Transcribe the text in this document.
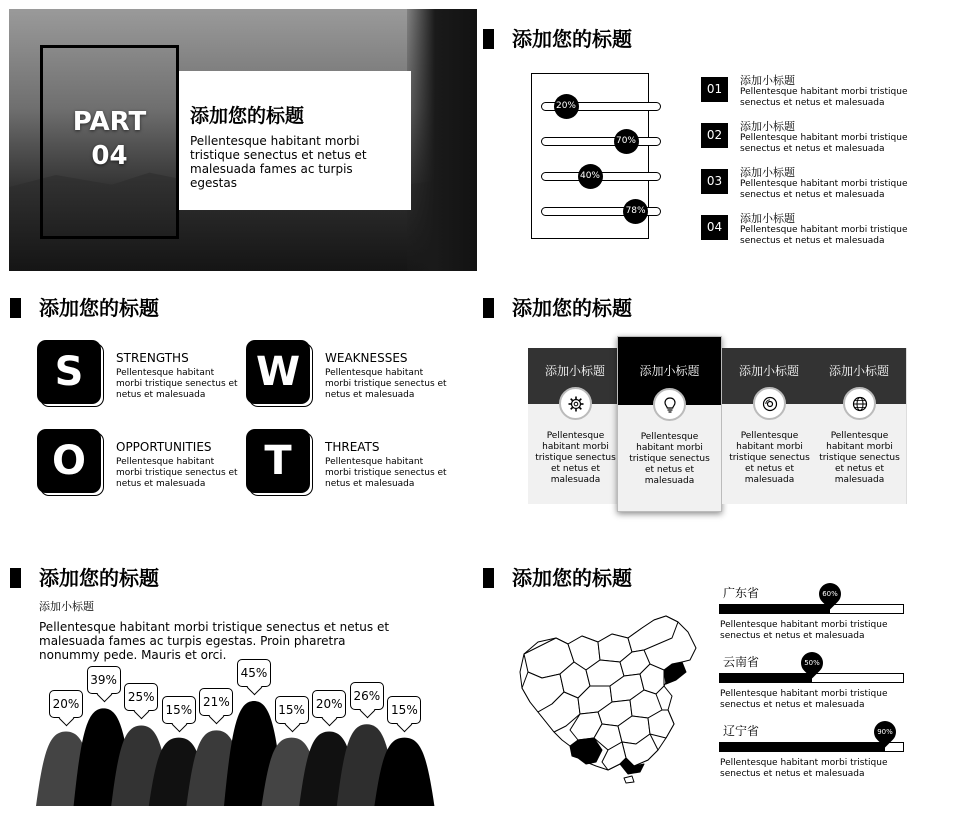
PART
04
添加您的标题
Pellentesque habitant morbi tristique senectus et netus et malesuada fames ac turpis egestas
添加您的标题
01
添加小标题
Pellentesque habitant morbi tristique senectus et netus et malesuada
02
添加小标题
Pellentesque habitant morbi tristique senectus et netus et malesuada
03
添加小标题
Pellentesque habitant morbi tristique senectus et netus et malesuada
04
添加小标题
Pellentesque habitant morbi tristique senectus et netus et malesuada
20%
70%
40%
78%
添加您的标题
S	STRENGTHS
Pellentesque habitant morbi tristique senectus et netus et malesuada	W	WEAKNESSES
Pellentesque habitant morbi tristique senectus et netus et malesuada
O	OPPORTUNITIES
Pellentesque habitant morbi tristique senectus et netus et malesuada	T	THREATS
Pellentesque habitant morbi tristique senectus et netus et malesuada
添加您的标题
添加小标题
Pellentesque habitant morbi tristique senectus et netus et malesuada
添加小标题
Pellentesque habitant morbi tristique senectus et netus et malesuada
添加小标题
Pellentesque habitant morbi tristique senectus et netus et malesuada
添加小标题
Pellentesque habitant morbi tristique senectus et netus et malesuada
添加您的标题
添加小标题
Pellentesque habitant morbi tristique senectus et netus et malesuada fames ac turpis egestas. Proin pharetra nonummy pede. Mauris et orci.
20%
39%
25%
15%
21%
45%
15% 20%
26%
15%
添加您的标题
广东省	60%
Pellentesque habitant morbi tristique senectus et netus et malesuada
云南省	50%
Pellentesque habitant morbi tristique senectus et netus et malesuada
辽宁省	90%
Pellentesque habitant morbi tristique senectus et netus et malesuada
